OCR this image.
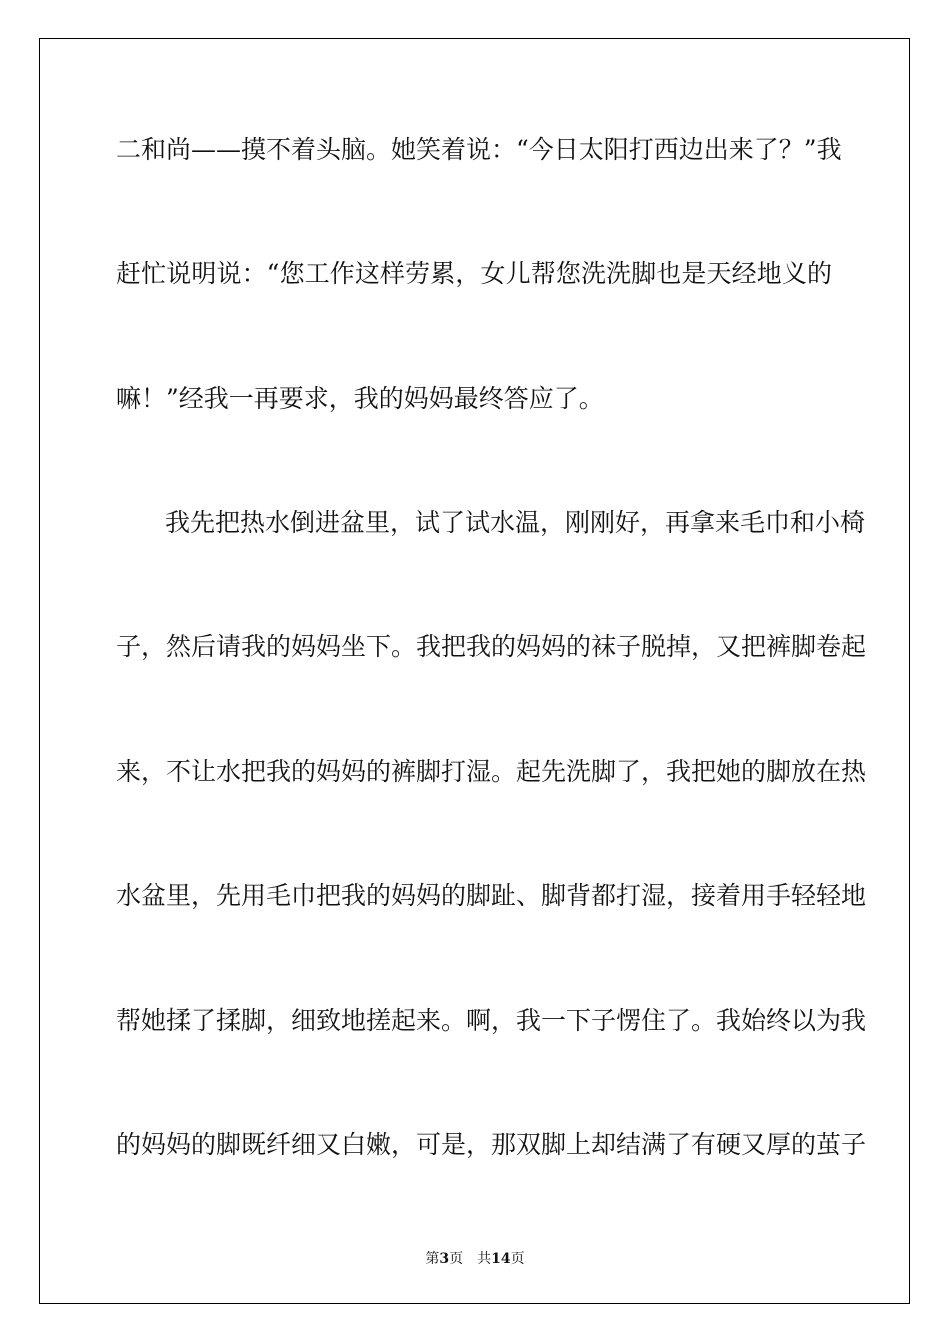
二和尚——摸不着头脑。她笑着说：“今日太阳打西边出来了？”我
赶忙说明说：“您工作这样劳累，女儿帮您洗洗脚也是天经地义的
嘛！”经我一再要求，我的妈妈最终答应了。
我先把热水倒进盆里，试了试水温，刚刚好，再拿来毛巾和小椅
子，然后请我的妈妈坐下。我把我的妈妈的袜子脱掉，又把裤脚卷起
来，不让水把我的妈妈的裤脚打湿。起先洗脚了，我把她的脚放在热
水盆里，先用毛巾把我的妈妈的脚趾、脚背都打湿，接着用手轻轻地
帮她揉了揉脚，细致地搓起来。啊，我一下子愣住了。我始终以为我
的妈妈的脚既纤细又白嫩，可是，那双脚上却结满了有硬又厚的茧子
第3页 共14页
